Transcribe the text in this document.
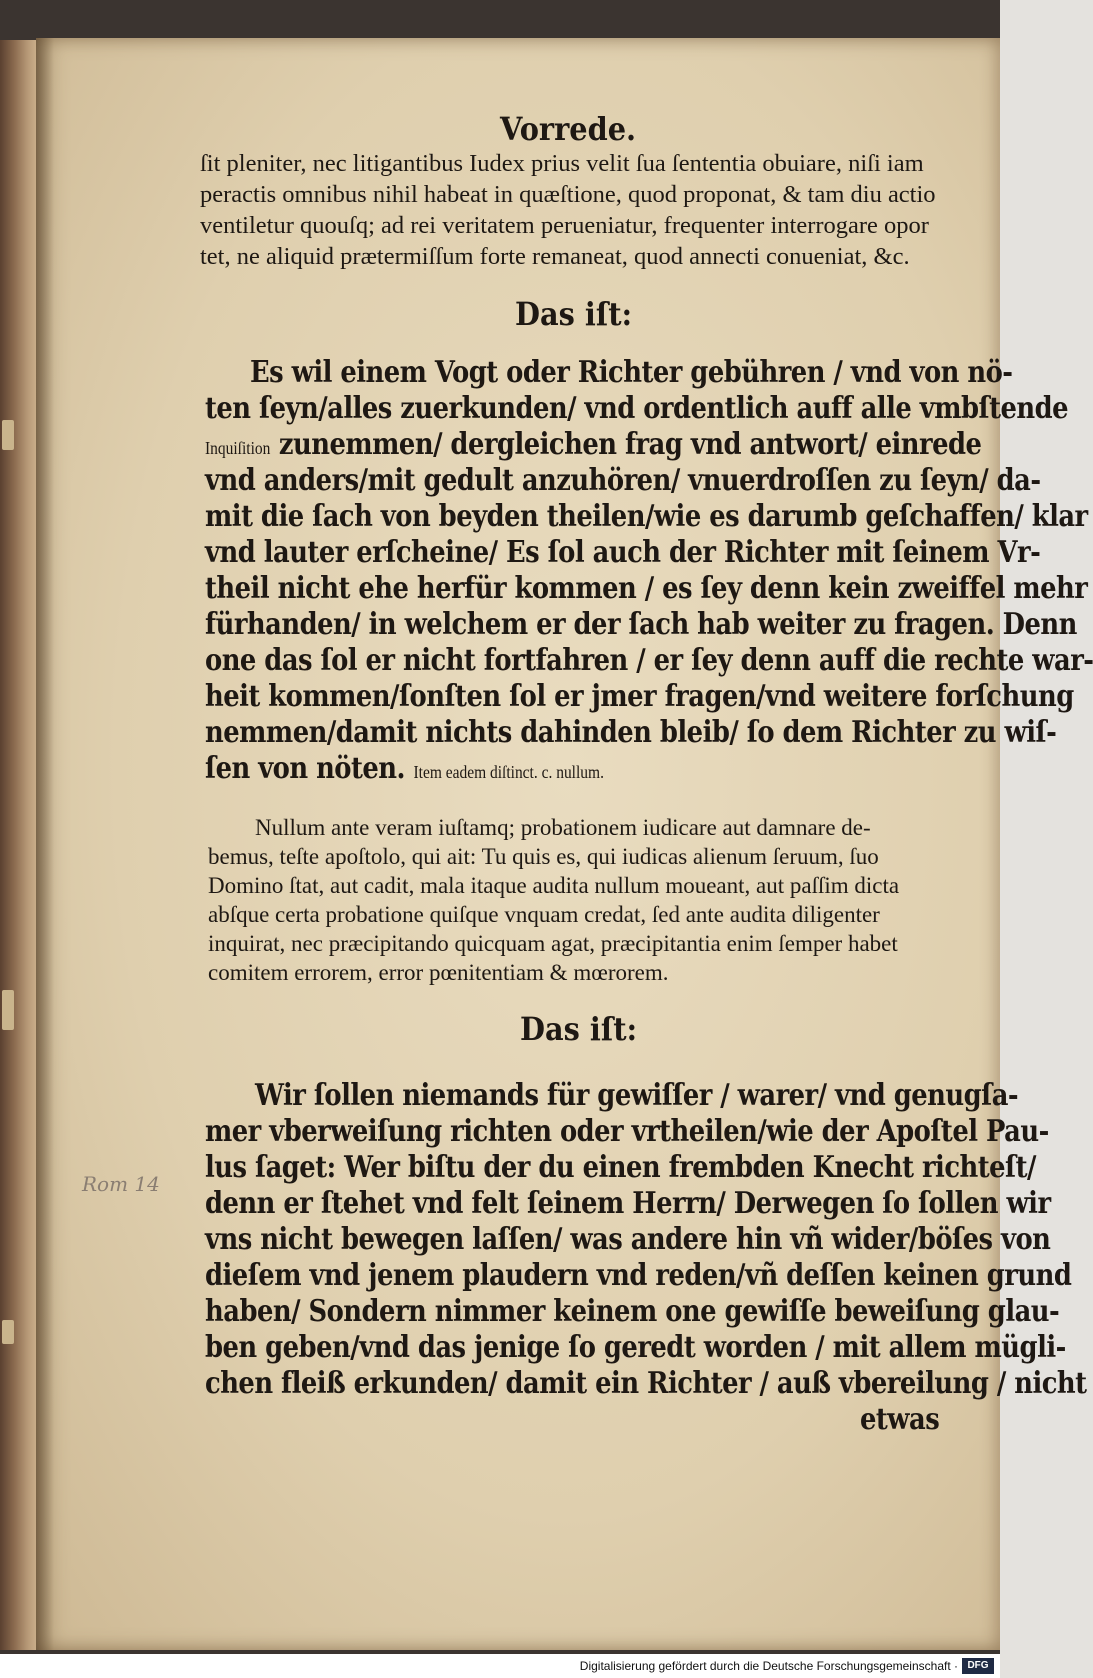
Vorrede.
ſit pleniter, nec litigantibus Iudex prius velit ſua ſententia obuiare, niſi iam
peractis omnibus nihil habeat in quæſtione, quod proponat, & tam diu actio
ventiletur quouſq; ad rei veritatem perueniatur, frequenter interrogare opor
tet, ne aliquid prætermiſſum forte remaneat, quod annecti conueniat, &c.
Das iſt:
Es wil einem Vogt oder Richter gebühren / vnd von nö-
ten ſeyn/alles zuerkunden/ vnd ordentlich auff alle vmbſtende
Inquiſition zunemmen/ dergleichen frag vnd antwort/ einrede
vnd anders/mit gedult anzuhören/ vnuerdroſſen zu ſeyn/ da-
mit die ſach von beyden theilen/wie es darumb geſchaffen/ klar
vnd lauter erſcheine/ Es ſol auch der Richter mit ſeinem Vr-
theil nicht ehe herfür kommen / es ſey denn kein zweiffel mehr
fürhanden/ in welchem er der ſach hab weiter zu fragen. Denn
one das ſol er nicht fortfahren / er ſey denn auff die rechte war-
heit kommen/ſonſten ſol er jmer fragen/vnd weitere forſchung
nemmen/damit nichts dahinden bleib/ ſo dem Richter zu wiſ-
ſen von nöten. Item eadem diſtinct. c. nullum.
Nullum ante veram iuſtamq; probationem iudicare aut damnare de-
bemus, teſte apoſtolo, qui ait: Tu quis es, qui iudicas alienum ſeruum, ſuo
Domino ſtat, aut cadit, mala itaque audita nullum moueant, aut paſſim dicta
abſque certa probatione quiſque vnquam credat, ſed ante audita diligenter
inquirat, nec præcipitando quicquam agat, præcipitantia enim ſemper habet
comitem errorem, error pœnitentiam & mœrorem.
Das iſt:
Wir ſollen niemands für gewiſſer / warer/ vnd genugſa-
mer vberweiſung richten oder vrtheilen/wie der Apoſtel Pau-
lus ſaget: Wer biſtu der du einen frembden Knecht richteſt/
denn er ſtehet vnd felt ſeinem Herrn/ Derwegen ſo ſollen wir
vns nicht bewegen laſſen/ was andere hin vñ wider/böſes von
dieſem vnd jenem plaudern vnd reden/vñ deſſen keinen grund
haben/ Sondern nimmer keinem one gewiſſe beweiſung glau-
ben geben/vnd das jenige ſo geredt worden / mit allem mügli-
chen fleiß erkunden/ damit ein Richter / auß vbereilung / nicht
etwas
Rom 14
Digitalisierung gefördert durch die Deutsche Forschungsgemeinschaft · DFG
